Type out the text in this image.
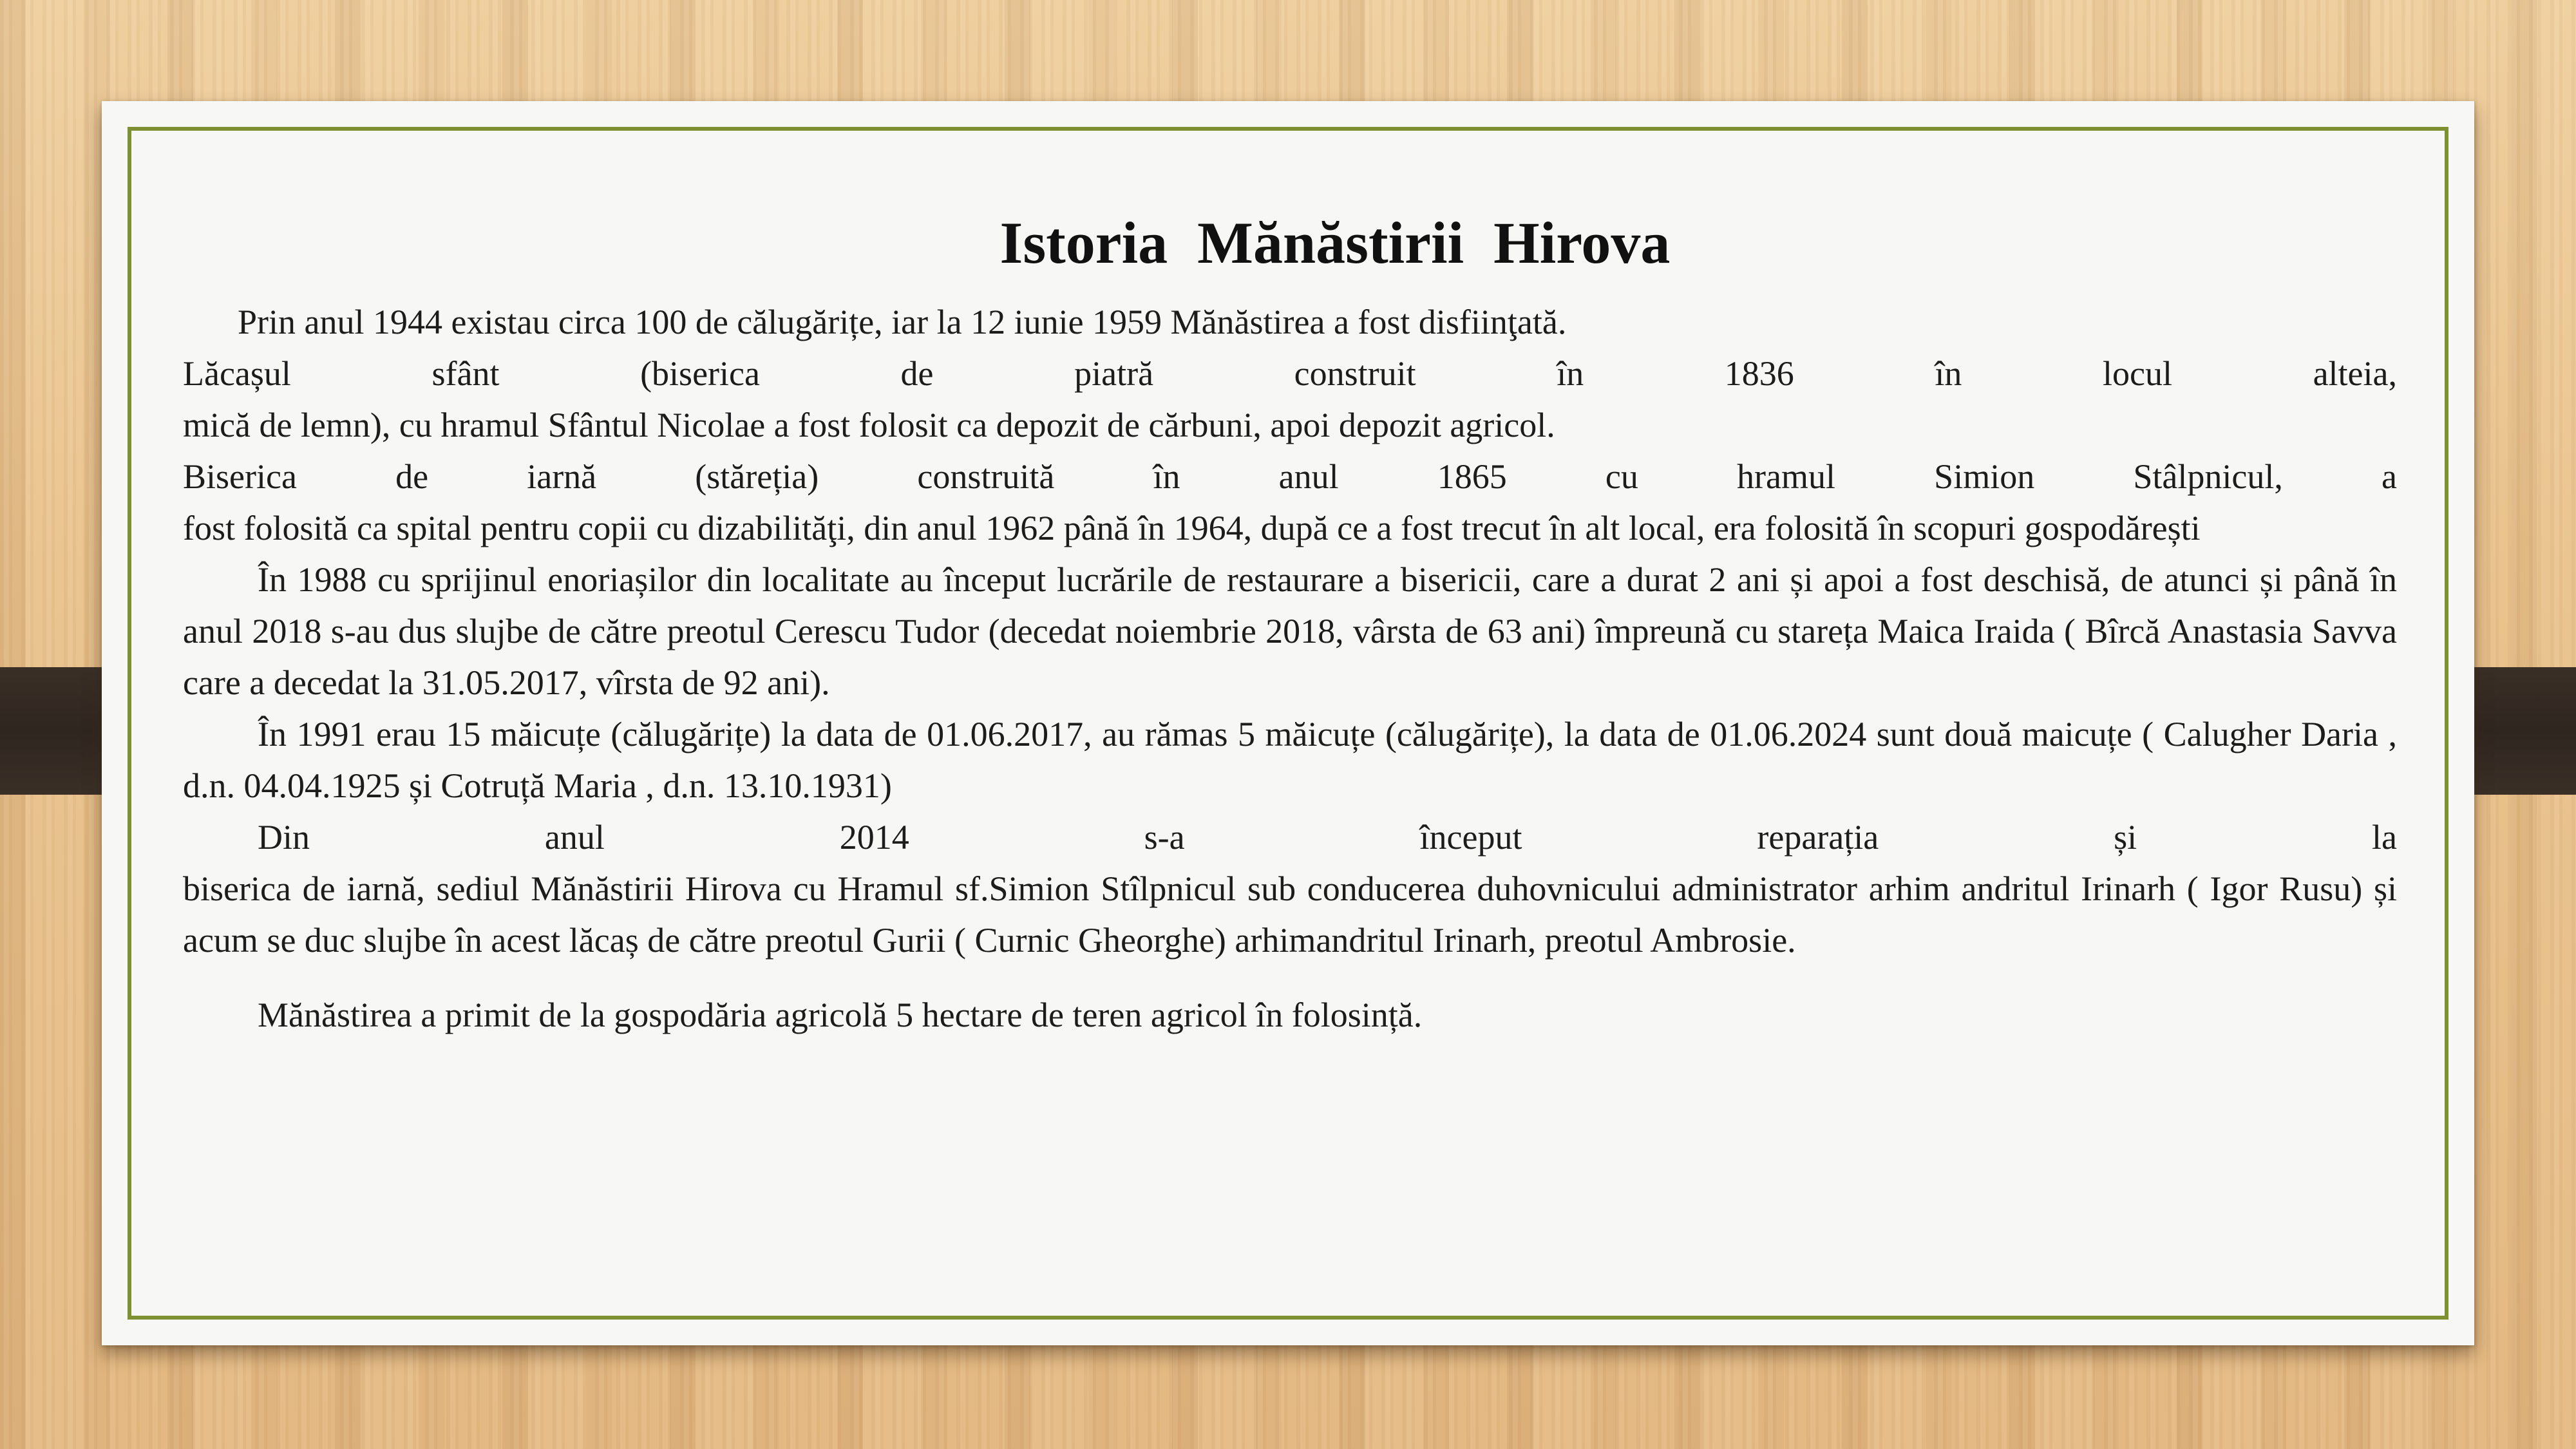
Istoria  Mănăstirii  Hirova

Prin anul 1944 existau circa 100 de călugărițe, iar la 12 iunie 1959 Mănăstirea a fost disfiinţată.

Lăcașul sfânt (biserica de piatră construit în 1836 în locul alteia,

mică de lemn), cu hramul Sfântul Nicolae a fost folosit ca depozit de cărbuni, apoi depozit agricol.

Biserica de iarnă (stăreția) construită în anul 1865 cu hramul Simion Stâlpnicul, a

fost folosită ca spital pentru copii cu dizabilităţi, din anul 1962 până în 1964, după ce a fost trecut în alt local, era folosită în scopuri gospodărești

În 1988 cu sprijinul enoriașilor din localitate au început lucrările de restaurare a bisericii, care a durat 2 ani și apoi a fost deschisă, de atunci și până în anul 2018 s-au dus slujbe de către preotul Cerescu Tudor (decedat noiembrie 2018, vârsta de 63 ani) împreună cu stareța Maica Iraida ( Bîrcă Anastasia Savva care a decedat la 31.05.2017, vîrsta de 92 ani).

În 1991 erau 15 măicuțe (călugărițe) la data de 01.06.2017, au rămas 5 măicuțe (călugărițe), la data de 01.06.2024 sunt două maicuțe ( Calugher Daria , d.n. 04.04.1925 și Cotruță Maria , d.n. 13.10.1931)

Din anul 2014 s-a început reparația și la

biserica de iarnă, sediul Mănăstirii Hirova cu Hramul sf.Simion Stîlpnicul sub conducerea duhovnicului administrator arhim andritul Irinarh ( Igor Rusu) și acum se duc slujbe în acest lăcaș de către preotul Gurii ( Curnic Gheorghe) arhimandritul Irinarh, preotul Ambrosie.

Mănăstirea a primit de la gospodăria agricolă 5 hectare de teren agricol în folosință.
